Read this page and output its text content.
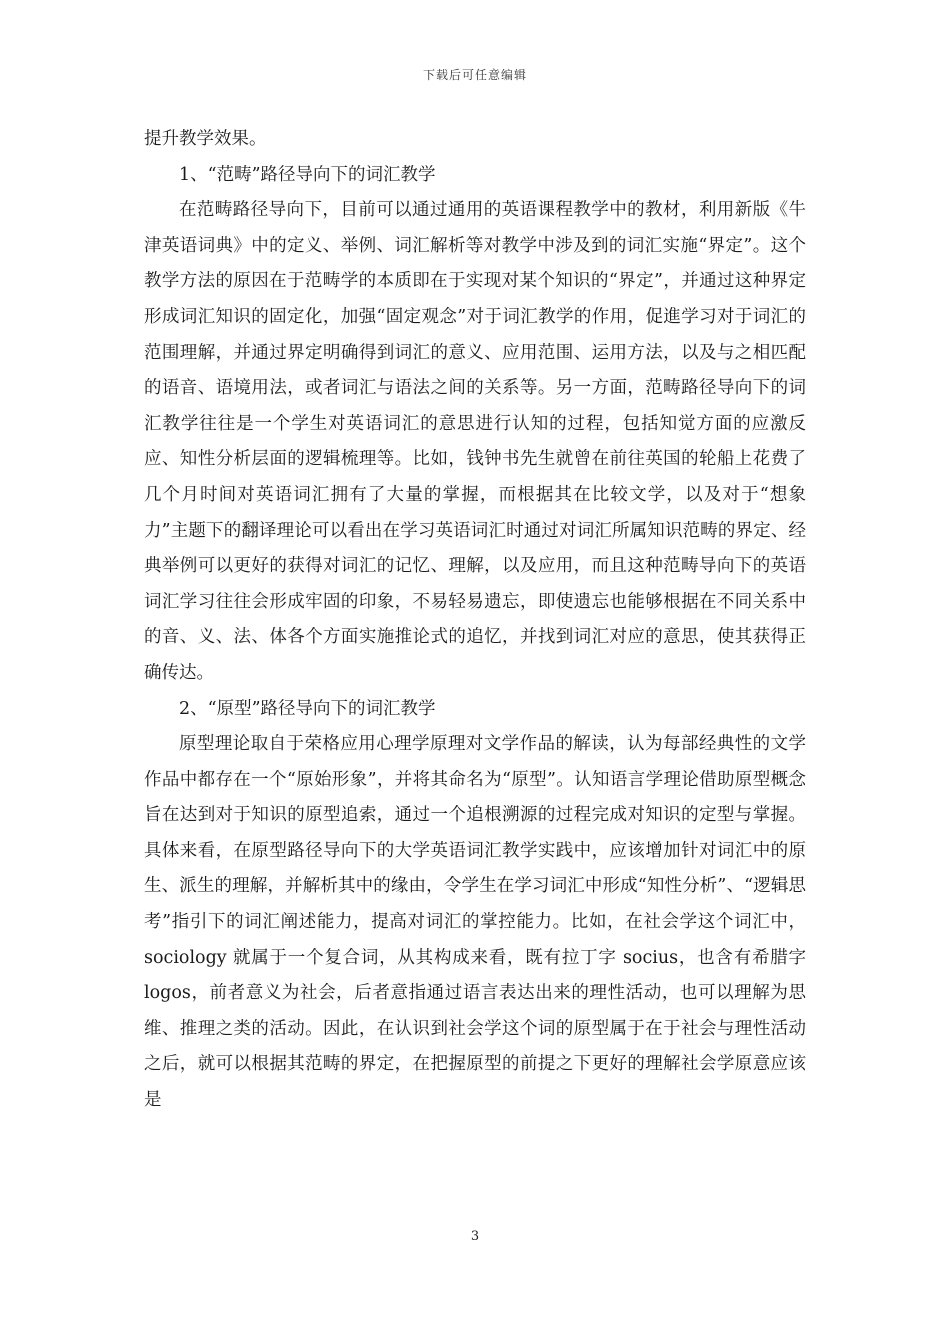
下载后可任意编辑

提升教学效果。

1、“范畴”路径导向下的词汇教学

在范畴路径导向下，目前可以通过通用的英语课程教学中的教材，利用新版《牛津英语词典》中的定义、举例、词汇解析等对教学中涉及到的词汇实施“界定”。这个教学方法的原因在于范畴学的本质即在于实现对某个知识的“界定”，并通过这种界定形成词汇知识的固定化，加强“固定观念”对于词汇教学的作用，促進学习对于词汇的范围理解，并通过界定明确得到词汇的意义、应用范围、运用方法，以及与之相匹配的语音、语境用法，或者词汇与语法之间的关系等。另一方面，范畴路径导向下的词汇教学往往是一个学生对英语词汇的意思进行认知的过程，包括知觉方面的应激反应、知性分析层面的逻辑梳理等。比如，钱钟书先生就曾在前往英国的轮船上花费了几个月时间对英语词汇拥有了大量的掌握，而根据其在比较文学，以及对于“想象力”主题下的翻译理论可以看出在学习英语词汇时通过对词汇所属知识范畴的界定、经典举例可以更好的获得对词汇的记忆、理解，以及应用，而且这种范畴导向下的英语词汇学习往往会形成牢固的印象，不易轻易遗忘，即使遗忘也能够根据在不同关系中的音、义、法、体各个方面实施推论式的追忆，并找到词汇对应的意思，使其获得正确传达。

2、“原型”路径导向下的词汇教学

原型理论取自于荣格应用心理学原理对文学作品的解读，认为每部经典性的文学作品中都存在一个“原始形象”，并将其命名为“原型”。认知语言学理论借助原型概念旨在达到对于知识的原型追索，通过一个追根溯源的过程完成对知识的定型与掌握。具体来看，在原型路径导向下的大学英语词汇教学实践中，应该增加针对词汇中的原生、派生的理解，并解析其中的缘由，令学生在学习词汇中形成“知性分析”、“逻辑思考”指引下的词汇阐述能力，提高对词汇的掌控能力。比如，在社会学这个词汇中，sociology 就属于一个复合词，从其构成来看，既有拉丁字 socius，也含有希腊字 logos，前者意义为社会，后者意指通过语言表达出来的理性活动，也可以理解为思维、推理之类的活动。因此，在认识到社会学这个词的原型属于在于社会与理性活动之后，就可以根据其范畴的界定，在把握原型的前提之下更好的理解社会学原意应该是

3
